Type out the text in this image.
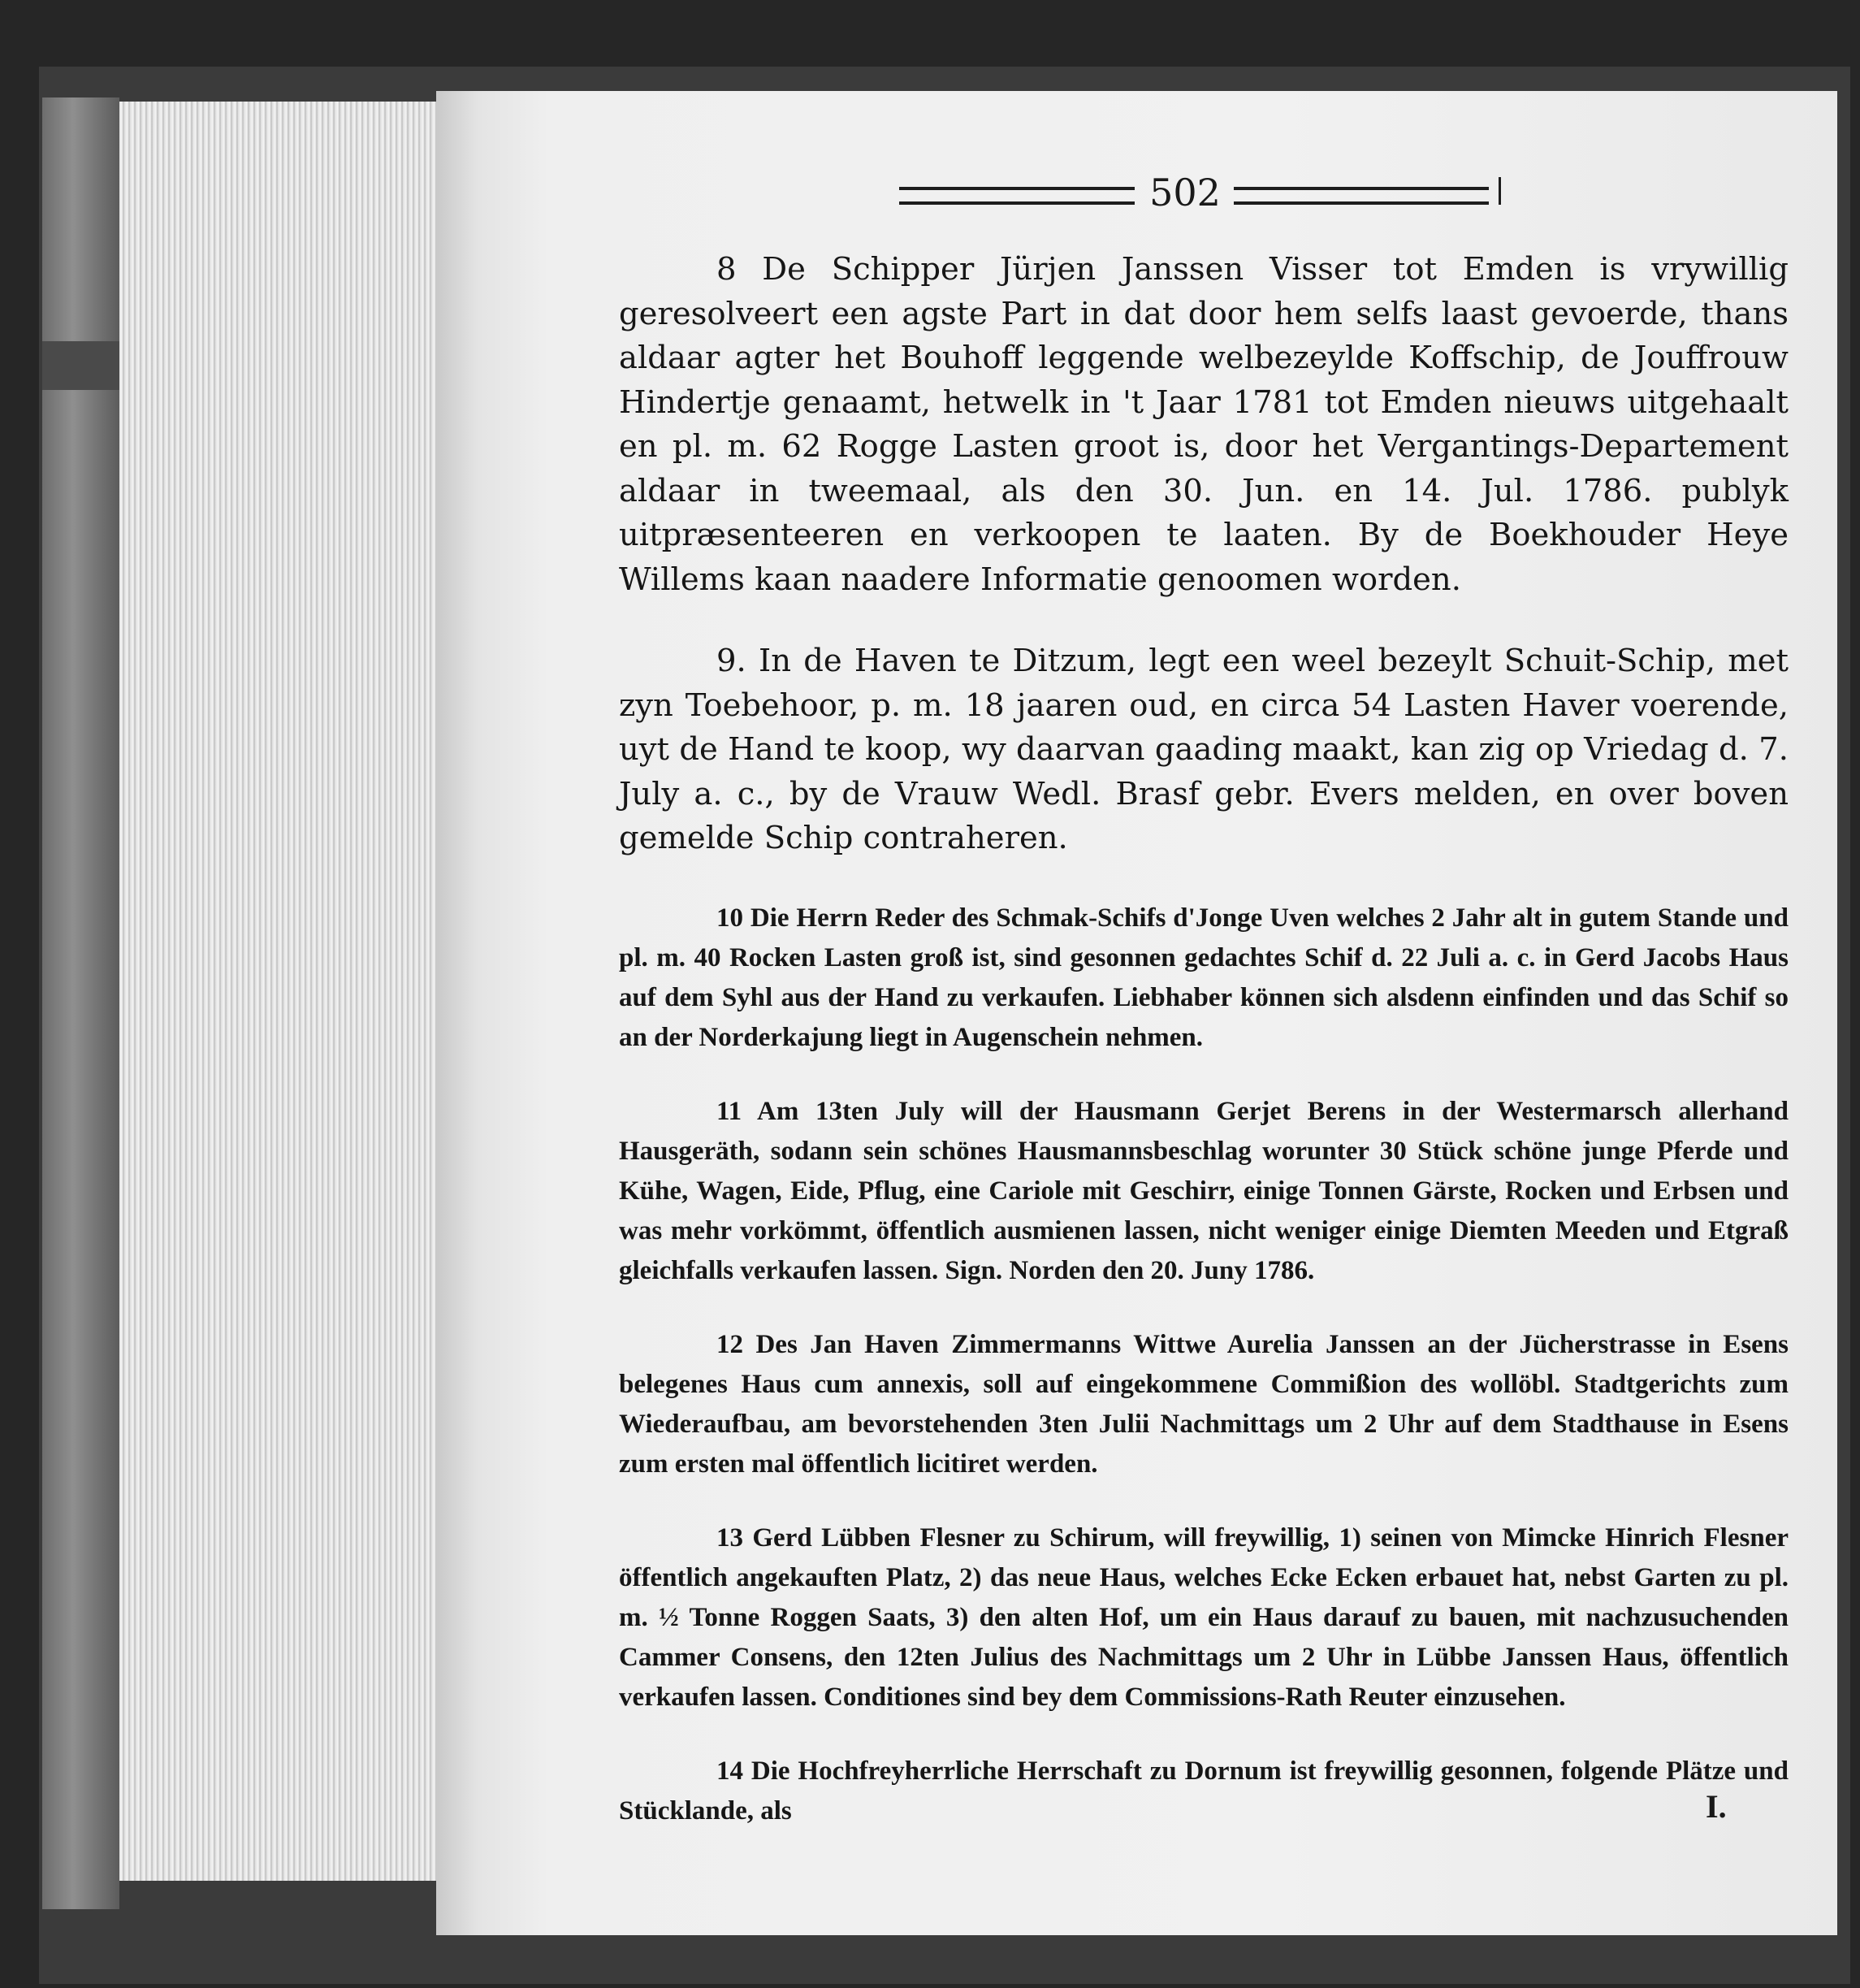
502

8 De Schipper Jürjen Janssen Visser tot Emden is vrywillig geresolveert een agste Part in dat door hem selfs laast gevoerde, thans aldaar agter het Bouhoff leggende welbezeylde Koffschip, de Jouffrouw Hindertje genaamt, hetwelk in 't Jaar 1781 tot Emden nieuws uitgehaalt en pl. m. 62 Rogge Lasten groot is, door het Vergantings-Departement aldaar in tweemaal, als den 30. Jun. en 14. Jul. 1786. publyk uitpræsenteeren en verkoopen te laaten. By de Boekhouder Heye Willems kaan naadere Informatie genoomen worden.

9. In de Haven te Ditzum, legt een weel bezeylt Schuit-Schip, met zyn Toebehoor, p. m. 18 jaaren oud, en circa 54 Lasten Haver voerende, uyt de Hand te koop, wy daarvan gaading maakt, kan zig op Vriedag d. 7. July a. c., by de Vrauw Wedl. Brasf gebr. Evers melden, en over boven gemelde Schip contraheren.

10 Die Herrn Reder des Schmak-Schifs d'Jonge Uven welches 2 Jahr alt in gutem Stande und pl. m. 40 Rocken Lasten groß ist, sind gesonnen gedachtes Schif d. 22 Juli a. c. in Gerd Jacobs Haus auf dem Syhl aus der Hand zu verkaufen. Liebhaber können sich alsdenn einfinden und das Schif so an der Norderkajung liegt in Augenschein nehmen.

11 Am 13ten July will der Hausmann Gerjet Berens in der Westermarsch allerhand Hausgeräth, sodann sein schönes Hausmannsbeschlag worunter 30 Stück schöne junge Pferde und Kühe, Wagen, Eide, Pflug, eine Cariole mit Geschirr, einige Tonnen Gärste, Rocken und Erbsen und was mehr vorkömmt, öffentlich ausmienen lassen, nicht weniger einige Diemten Meeden und Etgraß gleichfalls verkaufen lassen. Sign. Norden den 20. Juny 1786.

12 Des Jan Haven Zimmermanns Wittwe Aurelia Janssen an der Jücherstrasse in Esens belegenes Haus cum annexis, soll auf eingekommene Commißion des wollöbl. Stadtgerichts zum Wiederaufbau, am bevorstehenden 3ten Julii Nachmittags um 2 Uhr auf dem Stadthause in Esens zum ersten mal öffentlich licitiret werden.

13 Gerd Lübben Flesner zu Schirum, will freywillig, 1) seinen von Mimcke Hinrich Flesner öffentlich angekauften Platz, 2) das neue Haus, welches Ecke Ecken erbauet hat, nebst Garten zu pl. m. ½ Tonne Roggen Saats, 3) den alten Hof, um ein Haus darauf zu bauen, mit nachzusuchenden Cammer Consens, den 12ten Julius des Nachmittags um 2 Uhr in Lübbe Janssen Haus, öffentlich verkaufen lassen. Conditiones sind bey dem Commissions-Rath Reuter einzusehen.

14 Die Hochfreyherrliche Herrschaft zu Dornum ist freywillig gesonnen, folgende Plätze und Stücklande, als	I.
